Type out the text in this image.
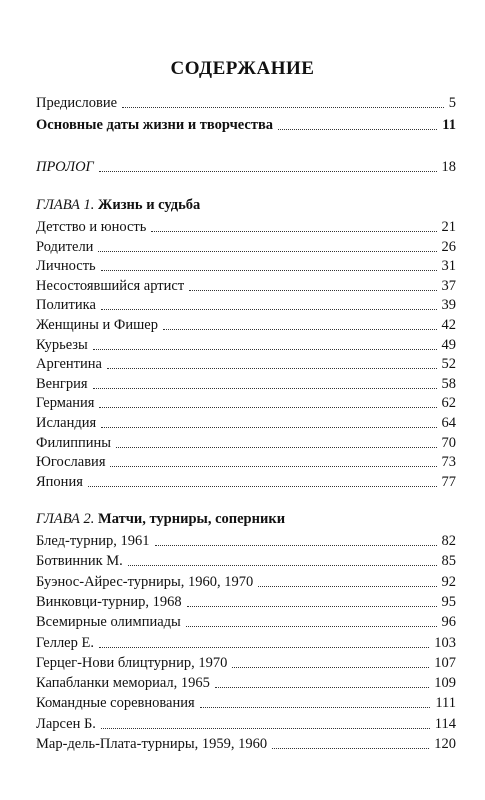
СОДЕРЖАНИЕ
Предисловие	5
Основные даты жизни и творчества	11
ПРОЛОГ	18
ГЛАВА 1. Жизнь и судьба
Детство и юность	21
Родители	26
Личность	31
Несостоявшийся артист	37
Политика	39
Женщины и Фишер	42
Курьезы	49
Аргентина	52
Венгрия	58
Германия	62
Исландия	64
Филиппины	70
Югославия	73
Япония	77
ГЛАВА 2. Матчи, турниры, соперники
Блед-турнир, 1961	82
Ботвинник М.	85
Буэнос-Айрес-турниры, 1960, 1970	92
Винковци-турнир, 1968	95
Всемирные олимпиады	96
Геллер Е.	103
Герцег-Нови блицтурнир, 1970	107
Капабланки мемориал, 1965	109
Командные соревнования	111
Ларсен Б.	114
Мар-дель-Плата-турниры, 1959, 1960	120
